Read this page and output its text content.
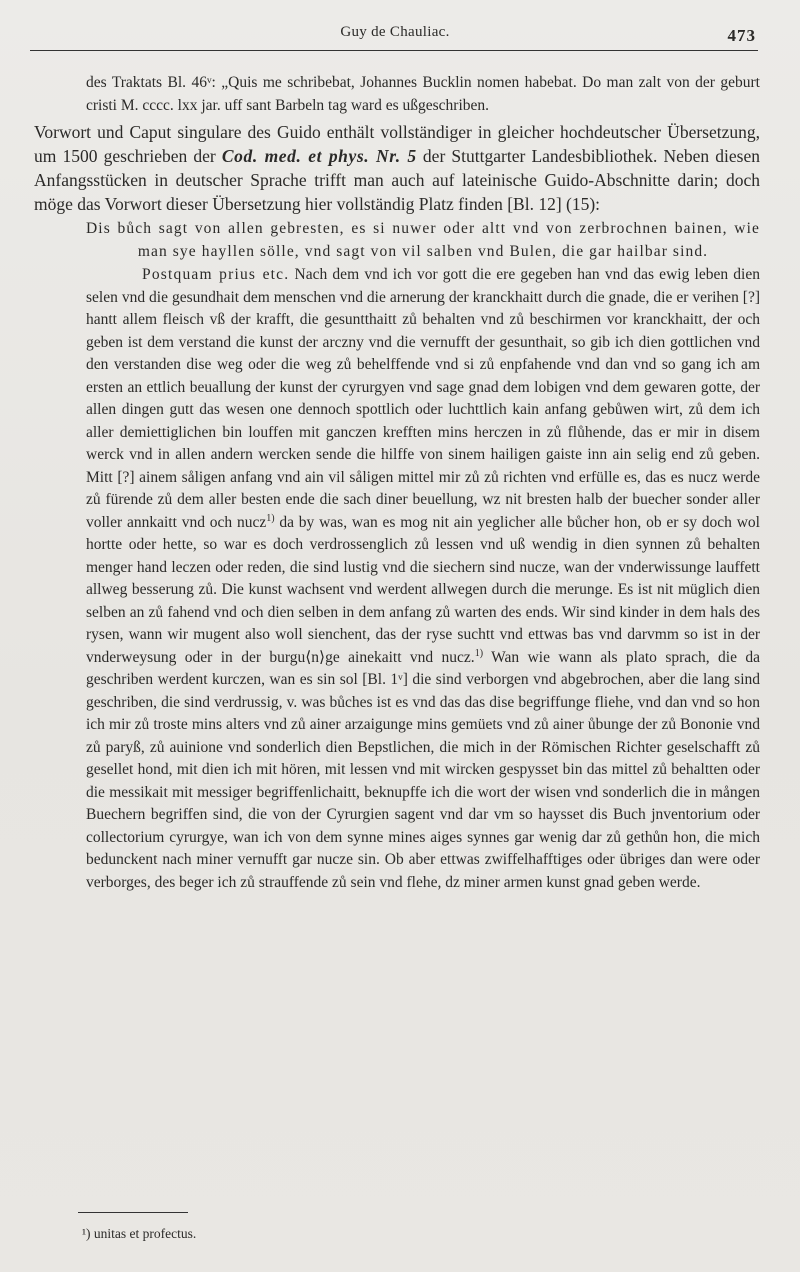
Guy de Chauliac.	473

des Traktats Bl. 46ᵛ: „Quis me schribebat, Johannes Bucklin nomen habebat. Do man zalt von der geburt cristi M. cccc. lxx jar. uff sant Barbeln tag ward es ußgeschriben.

Vorwort und Caput singulare des Guido enthält vollständiger in gleicher hochdeutscher Übersetzung, um 1500 geschrieben der Cod. med. et phys. Nr. 5 der Stuttgarter Landesbibliothek. Neben diesen Anfangsstücken in deutscher Sprache trifft man auch auf lateinische Guido-Abschnitte darin; doch möge das Vorwort dieser Übersetzung hier vollständig Platz finden [Bl. 12] (15):

Dis bůch sagt von allen gebresten, es si nuwer oder altt vnd von zerbrochnen bainen, wie man sye hayllen sölle, vnd sagt von vil salben vnd Bulen, die gar hailbar sind.

Postquam prius etc. Nach dem vnd ich vor gott die ere gegeben han vnd das ewig leben dien selen vnd die gesundhait dem menschen vnd die arnerung der kranckhaitt durch die gnade, die er verihen [?] hantt allem fleisch vß der krafft, die gesuntthaitt zů behalten vnd zů beschirmen vor kranckhaitt, der och geben ist dem verstand die kunst der arczny vnd die vernufft der gesunthait, so gib ich dien gottlichen vnd den verstanden dise weg oder die weg zů behelffende vnd si zů enpfahende vnd dan vnd so gang ich am ersten an ettlich beuallung der kunst der cyrurgyen vnd sage gnad dem lobigen vnd dem gewaren gotte, der allen dingen gutt das wesen one dennoch spottlich oder luchttlich kain anfang gebůwen wirt, zů dem ich aller demiettiglichen bin louffen mit ganczen krefften mins herczen in zů flůhende, das er mir in disem werck vnd in allen andern wercken sende die hilffe von sinem hailigen gaiste inn ain selig end zů geben. Mitt [?] ainem såligen anfang vnd ain vil såligen mittel mir zů zů richten vnd erfülle es, das es nucz werde zů fürende zů dem aller besten ende die sach diner beuellung, wz nit bresten halb der buecher sonder aller voller annkaitt vnd och nucz$^{1)}$ da by was, wan es mog nit ain yeglicher alle bůcher hon, ob er sy doch wol hortte oder hette, so war es doch verdrossenglich zů lessen vnd uß wendig in dien synnen zů behalten menger hand leczen oder reden, die sind lustig vnd die siechern sind nucze, wan der vnderwissunge lauffett allweg besserung zů. Die kunst wachsent vnd werdent allwegen durch die merunge. Es ist nit müglich dien selben an zů fahend vnd och dien selben in dem anfang zů warten des ends. Wir sind kinder in dem hals des rysen, wann wir mugent also woll sienchent, das der ryse suchtt vnd ettwas bas vnd darvmm so ist in der vnderweysung oder in der burgu⟨n⟩ge ainekaitt vnd nucz.$^{1)}$ Wan wie wann als plato sprach, die da geschriben werdent kurczen, wan es sin sol [Bl. 1ᵛ] die sind verborgen vnd abgebrochen, aber die lang sind geschriben, die sind verdrussig, v. was bůches ist es vnd das das dise begriffunge fliehe, vnd dan vnd so hon ich mir zů troste mins alters vnd zů ainer arzaigunge mins gemüets vnd zů ainer ůbunge der zů Bononie vnd zů paryß, zů auinione vnd sonderlich dien Bepstlichen, die mich in der Römischen Richter geselschafft zů gesellet hond, mit dien ich mit hören, mit lessen vnd mit wircken gespysset bin das mittel zů behaltten oder die messikait mit messiger begriffenlichaitt, beknupffe ich die wort der wisen vnd sonderlich die in mången Buechern begriffen sind, die von der Cyrurgien sagent vnd dar vm so haysset dis Buch jnventorium oder collectorium cyrurgye, wan ich von dem synne mines aiges synnes gar wenig dar zů gethůn hon, die mich bedunckent nach miner vernufft gar nucze sin. Ob aber ettwas zwiffelhafftiges oder übriges dan were oder verborges, des beger ich zů strauffende zů sein vnd flehe, dz miner armen kunst gnad geben werde.

¹) unitas et profectus.
